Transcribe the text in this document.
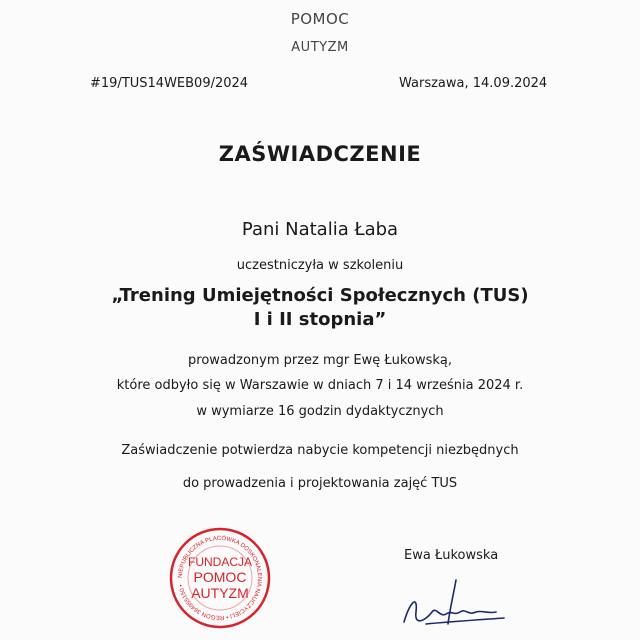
POMOC
AUTYZM
#19/TUS14WEB09/2024	Warszawa, 14.09.2024
ZAŚWIADCZENIE
Pani Natalia Łaba
uczestniczyła w szkoleniu
„Trening Umiejętności Społecznych (TUS)
I i II stopnia”
prowadzonym przez mgr Ewę Łukowską,
które odbyło się w Warszawie w dniach 7 i 14 września 2024 r.
w wymiarze 16 godzin dydaktycznych
Zaświadczenie potwierdza nabycie kompetencji niezbędnych
do prowadzenia i projektowania zajęć TUS
Ewa Łukowska
NIEPUBLICZNA PLACÓWKA DOSKONALENIA NAUCZYCIELI • REGON 364955150 •
FUNDACJA
POMOC
AUTYZM
